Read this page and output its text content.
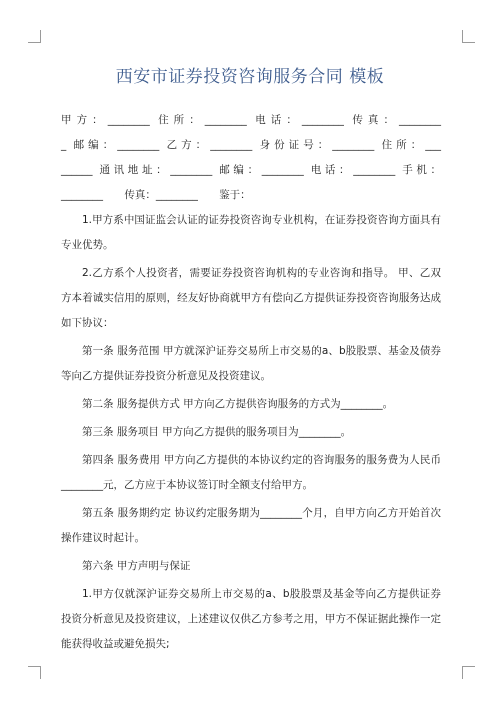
西安市证券投资咨询服务合同 模板

甲方：________ 住所：________ 电话：________ 传真：________

_ 邮编：________ 乙方：________ 身份证号：________ 住所：___

______ 通讯地址：________ 邮编：________ 电话：________ 手机：

________ 传真：________ 鉴于：

1.甲方系中国证监会认证的证券投资咨询专业机构，在证券投资咨询方面具有专业优势。

2.乙方系个人投资者，需要证券投资咨询机构的专业咨询和指导。 甲、乙双方本着诚实信用的原则，经友好协商就甲方有偿向乙方提供证券投资咨询服务达成如下协议：

第一条 服务范围 甲方就深沪证券交易所上市交易的a、b股股票、基金及债券等向乙方提供证券投资分析意见及投资建议。

第二条 服务提供方式 甲方向乙方提供咨询服务的方式为________。

第三条 服务项目 甲方向乙方提供的服务项目为________。

第四条 服务费用 甲方向乙方提供的本协议约定的咨询服务的服务费为人民币________元，乙方应于本协议签订时全额支付给甲方。

第五条 服务期约定 协议约定服务期为________个月，自甲方向乙方开始首次操作建议时起计。

第六条 甲方声明与保证

1.甲方仅就深沪证券交易所上市交易的a、b股股票及基金等向乙方提供证券投资分析意见及投资建议，上述建议仅供乙方参考之用，甲方不保证据此操作一定能获得收益或避免损失;
